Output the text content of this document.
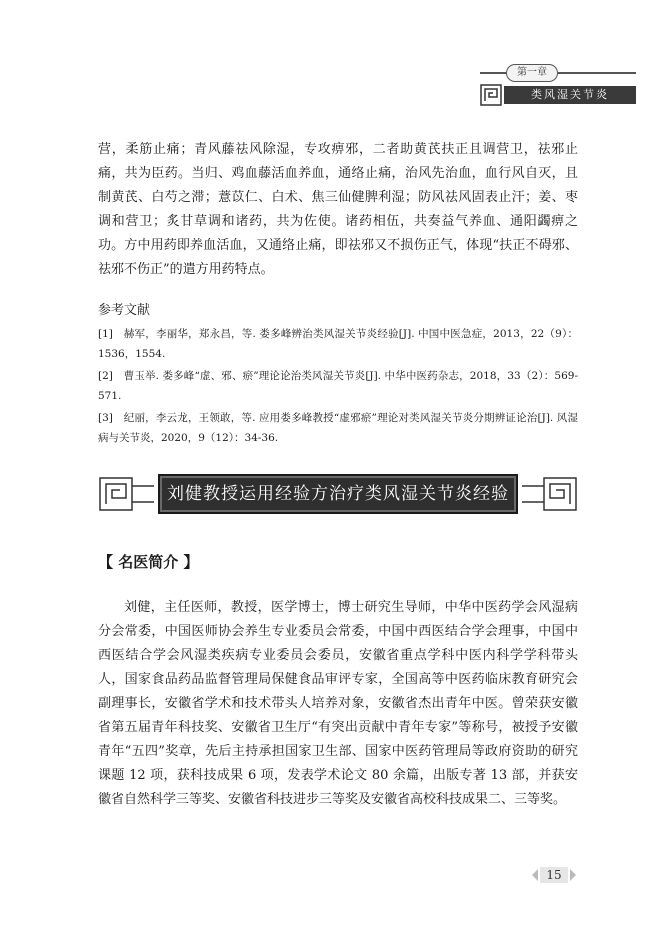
第一章
类风湿关节炎
营，柔筋止痛；青风藤祛风除湿，专攻痹邪，二者助黄芪扶正且调营卫，祛邪止痛，共为臣药。当归、鸡血藤活血养血，通络止痛，治风先治血，血行风自灭，且制黄芪、白芍之滞；薏苡仁、白术、焦三仙健脾利湿；防风祛风固表止汗；姜、枣调和营卫；炙甘草调和诸药，共为佐使。诸药相伍，共奏益气养血、通阳蠲痹之功。方中用药即养血活血，又通络止痛，即祛邪又不损伤正气，体现“扶正不碍邪、祛邪不伤正”的遣方用药特点。
参考文献
[1]　赫军，李丽华，郑永昌，等. 娄多峰辨治类风湿关节炎经验[J]. 中国中医急症，2013，22（9）：1536，1554.
[2]　曹玉举. 娄多峰“虚、邪、瘀”理论论治类风湿关节炎[J]. 中华中医药杂志，2018，33（2）：569-571.
[3]　纪丽，李云龙，王领敢，等. 应用娄多峰教授“虚邪瘀”理论对类风湿关节炎分期辨证论治[J]. 风湿病与关节炎，2020，9（12）：34-36.
刘健教授运用经验方治疗类风湿关节炎经验
【 名医简介 】
刘健，主任医师，教授，医学博士，博士研究生导师，中华中医药学会风湿病分会常委，中国医师协会养生专业委员会常委，中国中西医结合学会理事，中国中西医结合学会风湿类疾病专业委员会委员，安徽省重点学科中医内科学学科带头人，国家食品药品监督管理局保健食品审评专家，全国高等中医药临床教育研究会副理事长，安徽省学术和技术带头人培养对象，安徽省杰出青年中医。曾荣获安徽省第五届青年科技奖、安徽省卫生厅“有突出贡献中青年专家”等称号，被授予安徽青年“五四”奖章，先后主持承担国家卫生部、国家中医药管理局等政府资助的研究课题 12 项，获科技成果 6 项，发表学术论文 80 余篇，出版专著 13 部，并获安徽省自然科学三等奖、安徽省科技进步三等奖及安徽省高校科技成果二、三等奖。
15
